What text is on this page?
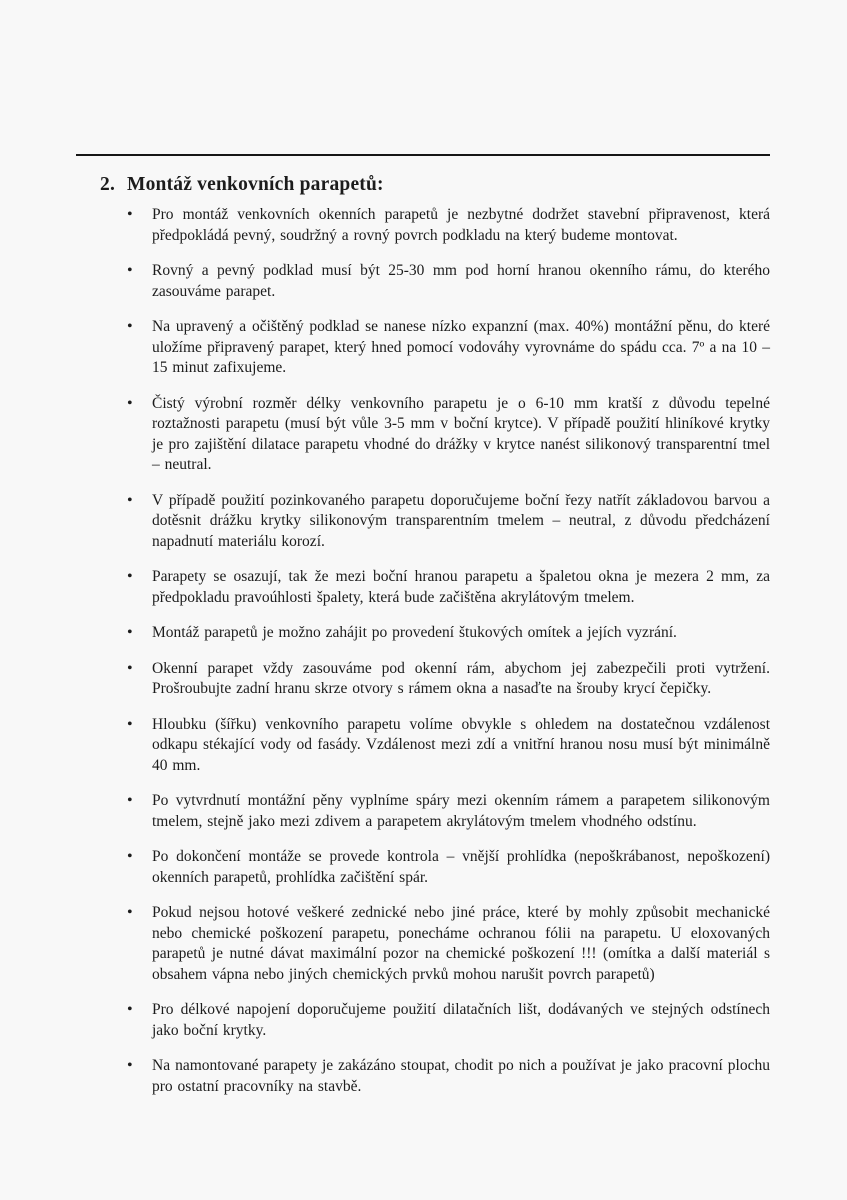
2. Montáž venkovních parapetů:
• Pro montáž venkovních okenních parapetů je nezbytné dodržet stavební připravenost, která předpokládá pevný, soudržný a rovný povrch podkladu na který budeme montovat.
• Rovný a pevný podklad musí být 25-30 mm pod horní hranou okenního rámu, do kterého zasouváme parapet.
• Na upravený a očištěný podklad se nanese nízko expanzní (max. 40%) montážní pěnu, do které uložíme připravený parapet, který hned pomocí vodováhy vyrovnáme do spádu cca. 7º a na 10 – 15 minut zafixujeme.
• Čistý výrobní rozměr délky venkovního parapetu je o 6-10 mm kratší z důvodu tepelné roztažnosti parapetu (musí být vůle 3-5 mm v boční krytce). V případě použití hliníkové krytky je pro zajištění dilatace parapetu vhodné do drážky v krytce nanést silikonový transparentní tmel – neutral.
• V případě použití pozinkovaného parapetu doporučujeme boční řezy natřít základovou barvou a dotěsnit drážku krytky silikonovým transparentním tmelem – neutral, z důvodu předcházení napadnutí materiálu korozí.
• Parapety se osazují, tak že mezi boční hranou parapetu a špaletou okna je mezera 2 mm, za předpokladu pravoúhlosti špalety, která bude začištěna akrylátovým tmelem.
• Montáž parapetů je možno zahájit po provedení štukových omítek a jejích vyzrání.
• Okenní parapet vždy zasouváme pod okenní rám, abychom jej zabezpečili proti vytržení. Prošroubujte zadní hranu skrze otvory s rámem okna a nasaďte na šrouby krycí čepičky.
• Hloubku (šířku) venkovního parapetu volíme obvykle s ohledem na dostatečnou vzdálenost odkapu stékající vody od fasády. Vzdálenost mezi zdí a vnitřní hranou nosu musí být minimálně 40 mm.
• Po vytvrdnutí montážní pěny vyplníme spáry mezi okenním rámem a parapetem silikonovým tmelem, stejně jako mezi zdivem a parapetem akrylátovým tmelem vhodného odstínu.
• Po dokončení montáže se provede kontrola – vnější prohlídka (nepoškrábanost, nepoškození) okenních parapetů, prohlídka začištění spár.
• Pokud nejsou hotové veškeré zednické nebo jiné práce, které by mohly způsobit mechanické nebo chemické poškození parapetu, ponecháme ochranou fólii na parapetu. U eloxovaných parapetů je nutné dávat maximální pozor na chemické poškození !!! (omítka a další materiál s obsahem vápna nebo jiných chemických prvků mohou narušit povrch parapetů)
• Pro délkové napojení doporučujeme použití dilatačních lišt, dodávaných ve stejných odstínech jako boční krytky.
• Na namontované parapety je zakázáno stoupat, chodit po nich a používat je jako pracovní plochu pro ostatní pracovníky na stavbě.
